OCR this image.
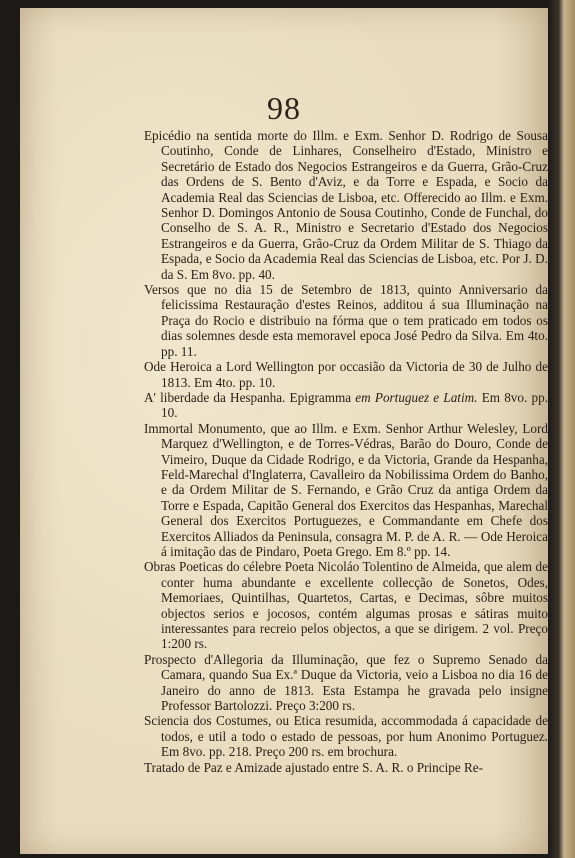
98

Epicédio na sentida morte do Illm. e Exm. Senhor D. Rodrigo de Sousa Coutinho, Conde de Linhares, Conselheiro d'Estado, Ministro e Secretário de Estado dos Negocios Estrangeiros e da Guerra, Grão-Cruz das Ordens de S. Bento d'Aviz, e da Torre e Espada, e Socio da Academia Real das Sciencias de Lisboa, etc. Offerecido ao Illm. e Exm. Senhor D. Domingos Antonio de Sousa Coutinho, Conde de Funchal, do Conselho de S. A. R., Ministro e Secretario d'Estado dos Negocios Estrangeiros e da Guerra, Grão-Cruz da Ordem Militar de S. Thiago da Espada, e Socio da Academia Real das Sciencias de Lisboa, etc. Por J. D. da S. Em 8vo. pp. 40.

Versos que no dia 15 de Setembro de 1813, quinto Anniversario da felicissima Restauração d'estes Reinos, additou á sua Illuminação na Praça do Rocio e distribuio na fórma que o tem praticado em todos os dias solemnes desde esta memoravel epoca José Pedro da Silva. Em 4to. pp. 11.

Ode Heroica a Lord Wellington por occasião da Victoria de 30 de Julho de 1813. Em 4to. pp. 10.

A' liberdade da Hespanha. Epigramma em Portuguez e Latim. Em 8vo. pp. 10.

Immortal Monumento, que ao Illm. e Exm. Senhor Arthur Welesley, Lord Marquez d'Wellington, e de Torres-Védras, Barão do Douro, Conde de Vimeiro, Duque da Cidade Rodrigo, e da Victoria, Grande da Hespanha, Feld-Marechal d'Inglaterra, Cavalleiro da Nobilissima Ordem do Banho, e da Ordem Militar de S. Fernando, e Grão Cruz da antiga Ordem da Torre e Espada, Capitão General dos Exercitos das Hespanhas, Marechal General dos Exercitos Portuguezes, e Commandante em Chefe dos Exercitos Alliados da Peninsula, consagra M. P. de A. R. — Ode Heroica á imitação das de Pindaro, Poeta Grego. Em 8.º pp. 14.

Obras Poeticas do célebre Poeta Nicoláo Tolentino de Almeida, que alem de conter huma abundante e excellente collecção de Sonetos, Odes, Memoriaes, Quintilhas, Quartetos, Cartas, e Decimas, sôbre muitos objectos serios e jocosos, contém algumas prosas e sátiras muito interessantes para recreio pelos objectos, a que se dirigem. 2 vol. Preço 1:200 rs.

Prospecto d'Allegoria da Illuminação, que fez o Supremo Senado da Camara, quando Sua Ex.ª Duque da Victoria, veio a Lisboa no dia 16 de Janeiro do anno de 1813. Esta Estampa he gravada pelo insigne Professor Bartolozzi. Preço 3:200 rs.

Sciencia dos Costumes, ou Etica resumida, accommodada á capacidade de todos, e util a todo o estado de pessoas, por hum Anonimo Portuguez. Em 8vo. pp. 218. Preço 200 rs. em brochura.

Tratado de Paz e Amizade ajustado entre S. A. R. o Principe Re-
